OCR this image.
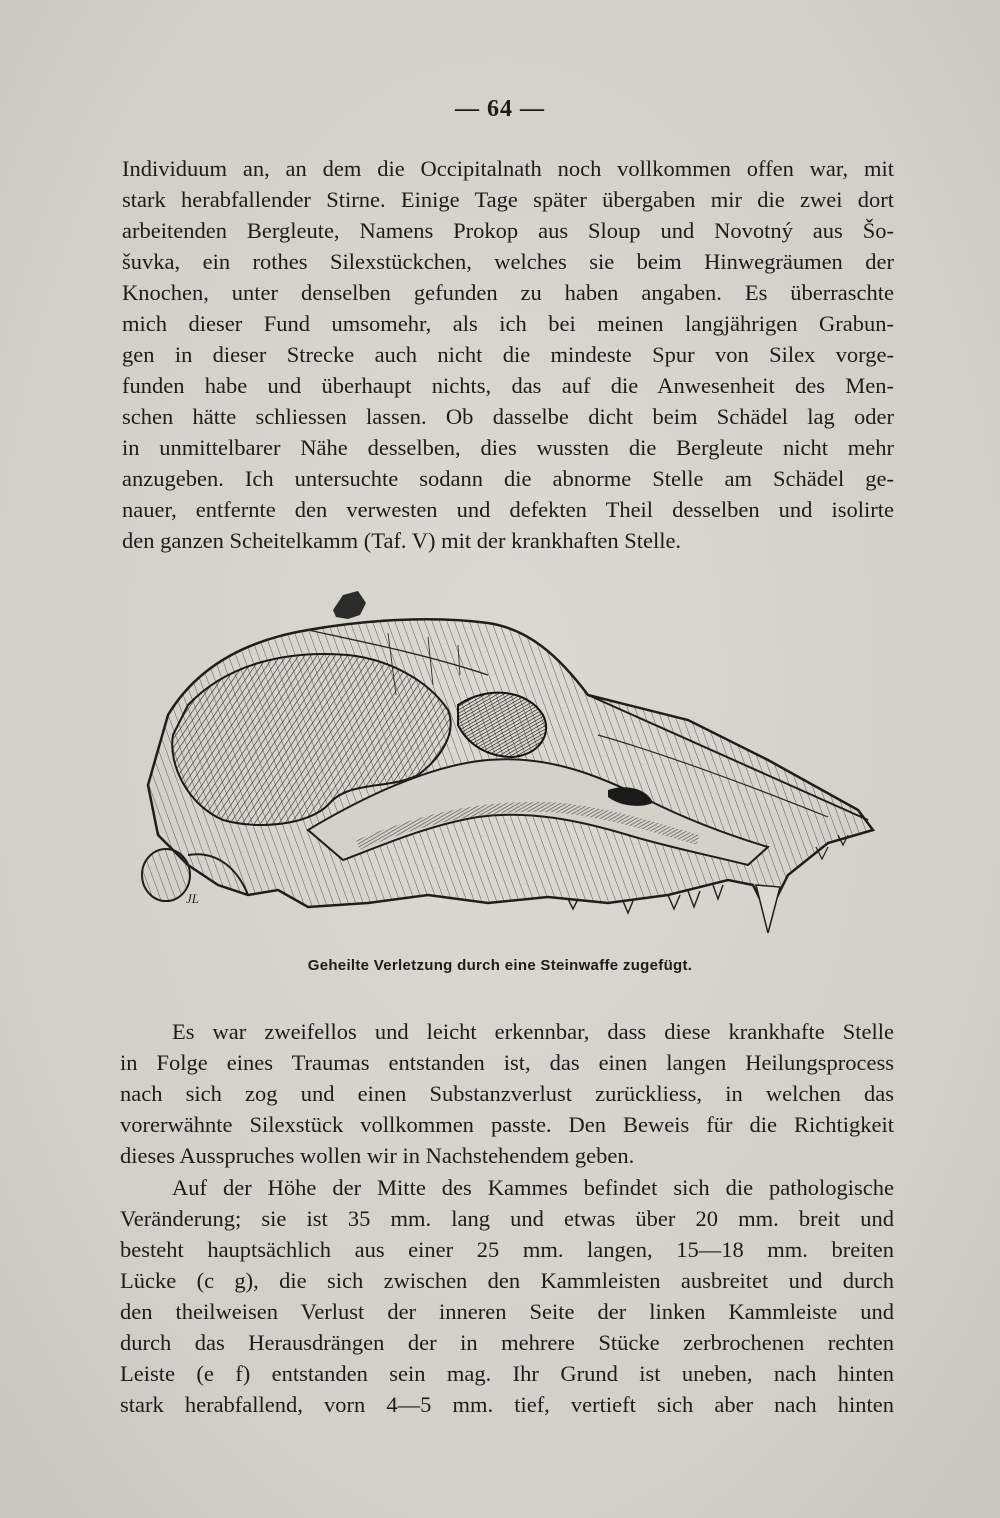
— 64 —
Individuum an, an dem die Occipitalnath noch vollkommen offen war, mit
stark herabfallender Stirne. Einige Tage später übergaben mir die zwei dort
arbeitenden Bergleute, Namens Prokop aus Sloup und Novotný aus Šo-
šuvka, ein rothes Silexstückchen, welches sie beim Hinwegräumen der
Knochen, unter denselben gefunden zu haben angaben. Es überraschte
mich dieser Fund umsomehr, als ich bei meinen langjährigen Grabun-
gen in dieser Strecke auch nicht die mindeste Spur von Silex vorge-
funden habe und überhaupt nichts, das auf die Anwesenheit des Men-
schen hätte schliessen lassen. Ob dasselbe dicht beim Schädel lag oder
in unmittelbarer Nähe desselben, dies wussten die Bergleute nicht mehr
anzugeben. Ich untersuchte sodann die abnorme Stelle am Schädel ge-
nauer, entfernte den verwesten und defekten Theil desselben und isolirte
den ganzen Scheitelkamm (Taf. V) mit der krankhaften Stelle.
JL
Geheilte Verletzung durch eine Steinwaffe zugefügt.
Es war zweifellos und leicht erkennbar, dass diese krankhafte Stelle
in Folge eines Traumas entstanden ist, das einen langen Heilungsprocess
nach sich zog und einen Substanzverlust zurückliess, in welchen das
vorerwähnte Silexstück vollkommen passte. Den Beweis für die Richtigkeit
dieses Ausspruches wollen wir in Nachstehendem geben.
Auf der Höhe der Mitte des Kammes befindet sich die pathologische
Veränderung; sie ist 35 mm. lang und etwas über 20 mm. breit und
besteht hauptsächlich aus einer 25 mm. langen, 15—18 mm. breiten
Lücke (c g), die sich zwischen den Kammleisten ausbreitet und durch
den theilweisen Verlust der inneren Seite der linken Kammleiste und
durch das Herausdrängen der in mehrere Stücke zerbrochenen rechten
Leiste (e f) entstanden sein mag. Ihr Grund ist uneben, nach hinten
stark herabfallend, vorn 4—5 mm. tief, vertieft sich aber nach hinten
